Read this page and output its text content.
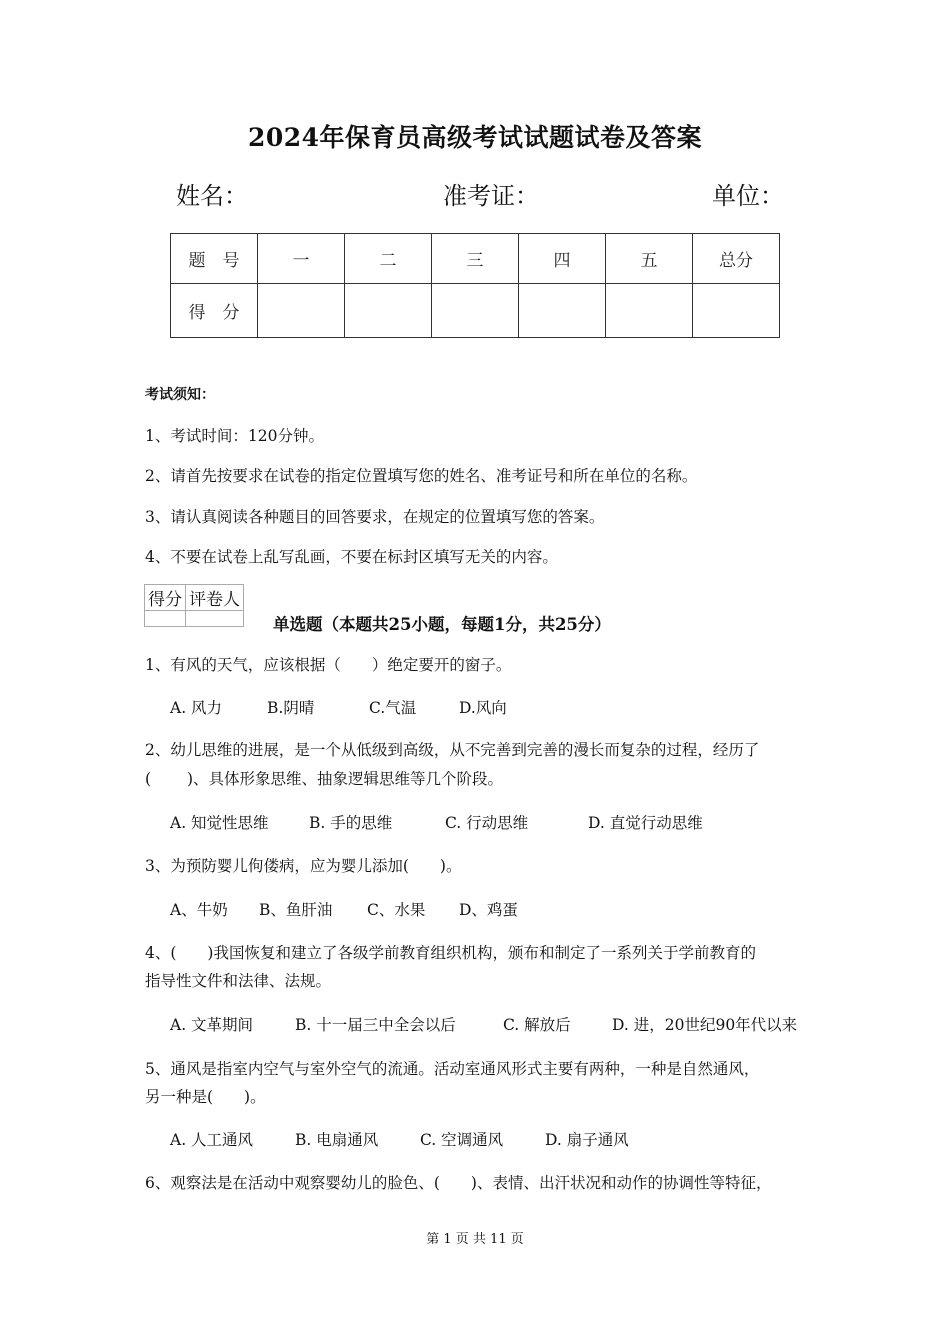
2024年保育员高级考试试题试卷及答案
姓名：	准考证：	单位：
题　号	一	二	三	四	五	总分
得　分						
考试须知：
1、考试时间：120分钟。
2、请首先按要求在试卷的指定位置填写您的姓名、准考证号和所在单位的名称。
3、请认真阅读各种题目的回答要求，在规定的位置填写您的答案。
4、不要在试卷上乱写乱画，不要在标封区填写无关的内容。
得分	评卷人

单选题（本题共25小题，每题1分，共25分）
1、有风的天气，应该根据（　　）绝定要开的窗子。
A. 风力	B.阴晴	C.气温	D.风向
2、幼儿思维的进展，是一个从低级到高级，从不完善到完善的漫长而复杂的过程，经历了
(　　 )、具体形象思维、抽象逻辑思维等几个阶段。
A. 知觉性思维	B. 手的思维	C. 行动思维	D. 直觉行动思维
3、为预防婴儿佝偻病，应为婴儿添加(　　)。
A、牛奶 B、鱼肝油 C、水果 D、鸡蛋
4、(　　)我国恢复和建立了各级学前教育组织机构，颁布和制定了一系列关于学前教育的
指导性文件和法律、法规。
A. 文革期间	B. 十一届三中全会以后	C. 解放后	D. 进，20世纪90年代以来
5、通风是指室内空气与室外空气的流通。活动室通风形式主要有两种，一种是自然通风，
另一种是(　　)。
A. 人工通风	B. 电扇通风	C. 空调通风	D. 扇子通风
6、观察法是在活动中观察婴幼儿的脸色、(　　)、表情、出汗状况和动作的协调性等特征，
第 1 页 共 11 页
